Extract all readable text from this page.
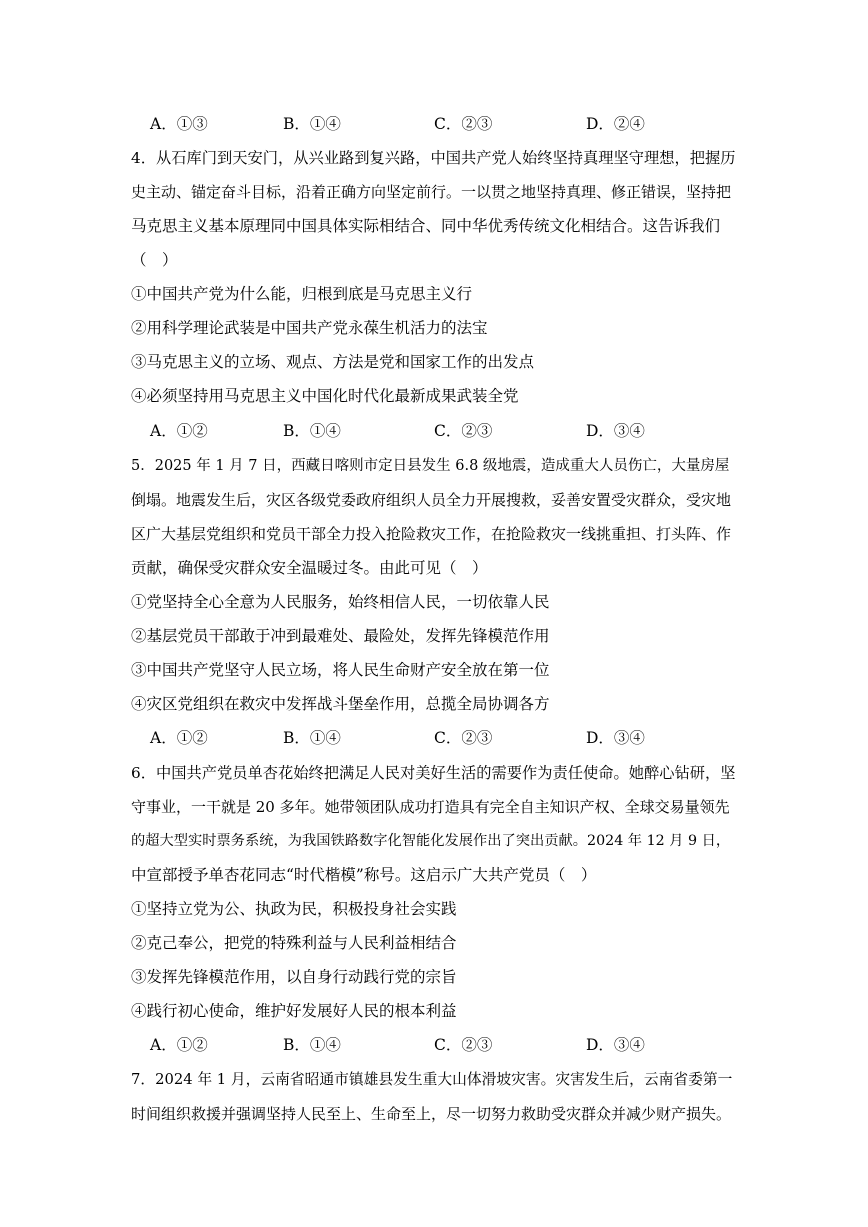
A．①③	B．①④	C．②③	D．②④
4．从石库门到天安门，从兴业路到复兴路，中国共产党人始终坚持真理坚守理想，把握历
史主动、锚定奋斗目标，沿着正确方向坚定前行。一以贯之地坚持真理、修正错误，坚持把
马克思主义基本原理同中国具体实际相结合、同中华优秀传统文化相结合。这告诉我们
（　）
①中国共产党为什么能，归根到底是马克思主义行
②用科学理论武装是中国共产党永葆生机活力的法宝
③马克思主义的立场、观点、方法是党和国家工作的出发点
④必须坚持用马克思主义中国化时代化最新成果武装全党
A．①②	B．①④	C．②③	D．③④
5．2025 年 1 月 7 日，西藏日喀则市定日县发生 6.8 级地震，造成重大人员伤亡，大量房屋
倒塌。地震发生后，灾区各级党委政府组织人员全力开展搜救，妥善安置受灾群众，受灾地
区广大基层党组织和党员干部全力投入抢险救灾工作，在抢险救灾一线挑重担、打头阵、作
贡献，确保受灾群众安全温暖过冬。由此可见（　）
①党坚持全心全意为人民服务，始终相信人民，一切依靠人民
②基层党员干部敢于冲到最难处、最险处，发挥先锋模范作用
③中国共产党坚守人民立场，将人民生命财产安全放在第一位
④灾区党组织在救灾中发挥战斗堡垒作用，总揽全局协调各方
A．①②	B．①④	C．②③	D．③④
6．中国共产党员单杏花始终把满足人民对美好生活的需要作为责任使命。她醉心钻研，坚
守事业，一干就是 20 多年。她带领团队成功打造具有完全自主知识产权、全球交易量领先
的超大型实时票务系统，为我国铁路数字化智能化发展作出了突出贡献。2024 年 12 月 9 日，
中宣部授予单杏花同志“时代楷模”称号。这启示广大共产党员（　）
①坚持立党为公、执政为民，积极投身社会实践
②克己奉公，把党的特殊利益与人民利益相结合
③发挥先锋模范作用，以自身行动践行党的宗旨
④践行初心使命，维护好发展好人民的根本利益
A．①②	B．①④	C．②③	D．③④
7．2024 年 1 月，云南省昭通市镇雄县发生重大山体滑坡灾害。灾害发生后，云南省委第一
时间组织救援并强调坚持人民至上、生命至上，尽一切努力救助受灾群众并减少财产损失。
